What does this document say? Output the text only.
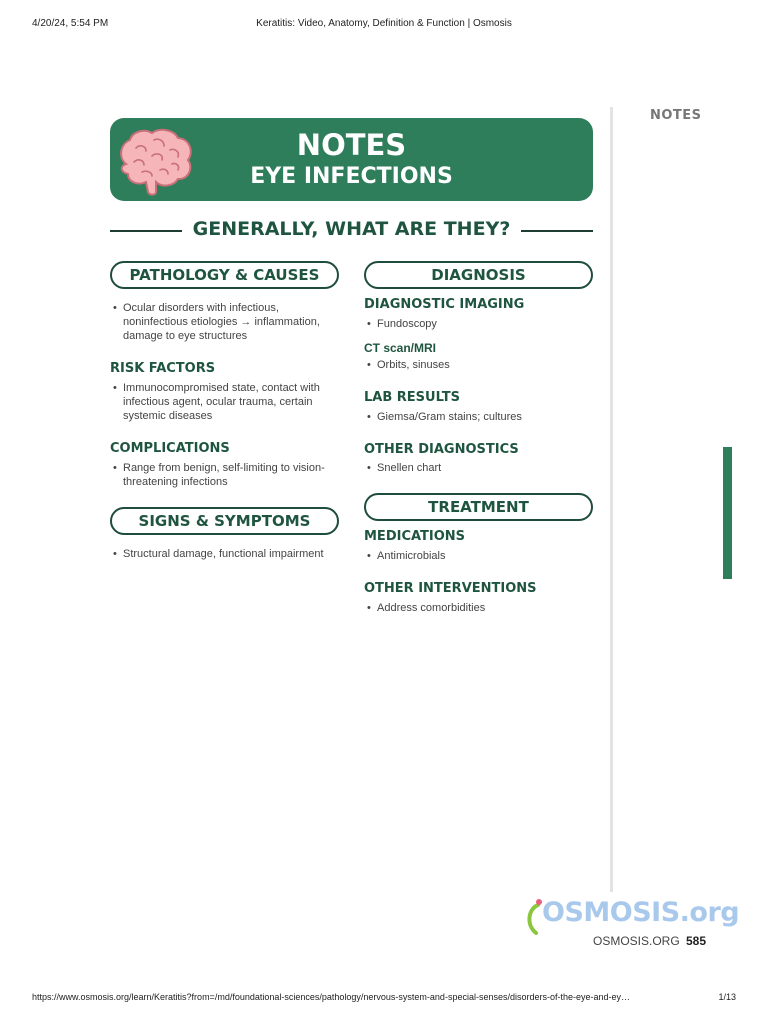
4/20/24, 5:54 PM	Keratitis: Video, Anatomy, Definition & Function | Osmosis
NOTES
NOTES
EYE INFECTIONS
GENERALLY, WHAT ARE THEY?
PATHOLOGY & CAUSES
• Ocular disorders with infectious, noninfectious etiologies → inflammation, damage to eye structures
RISK FACTORS
• Immunocompromised state, contact with infectious agent, ocular trauma, certain systemic diseases
COMPLICATIONS
• Range from benign, self-limiting to vision-threatening infections
SIGNS & SYMPTOMS
• Structural damage, functional impairment
DIAGNOSIS
DIAGNOSTIC IMAGING
• Fundoscopy
CT scan/MRI
• Orbits, sinuses
LAB RESULTS
• Giemsa/Gram stains; cultures
OTHER DIAGNOSTICS
• Snellen chart
TREATMENT
MEDICATIONS
• Antimicrobials
OTHER INTERVENTIONS
• Address comorbidities
OSMOSIS.org
OSMOSIS.ORG 585
https://www.osmosis.org/learn/Keratitis?from=/md/foundational-sciences/pathology/nervous-system-and-special-senses/disorders-of-the-eye-and-ey…	1/13
